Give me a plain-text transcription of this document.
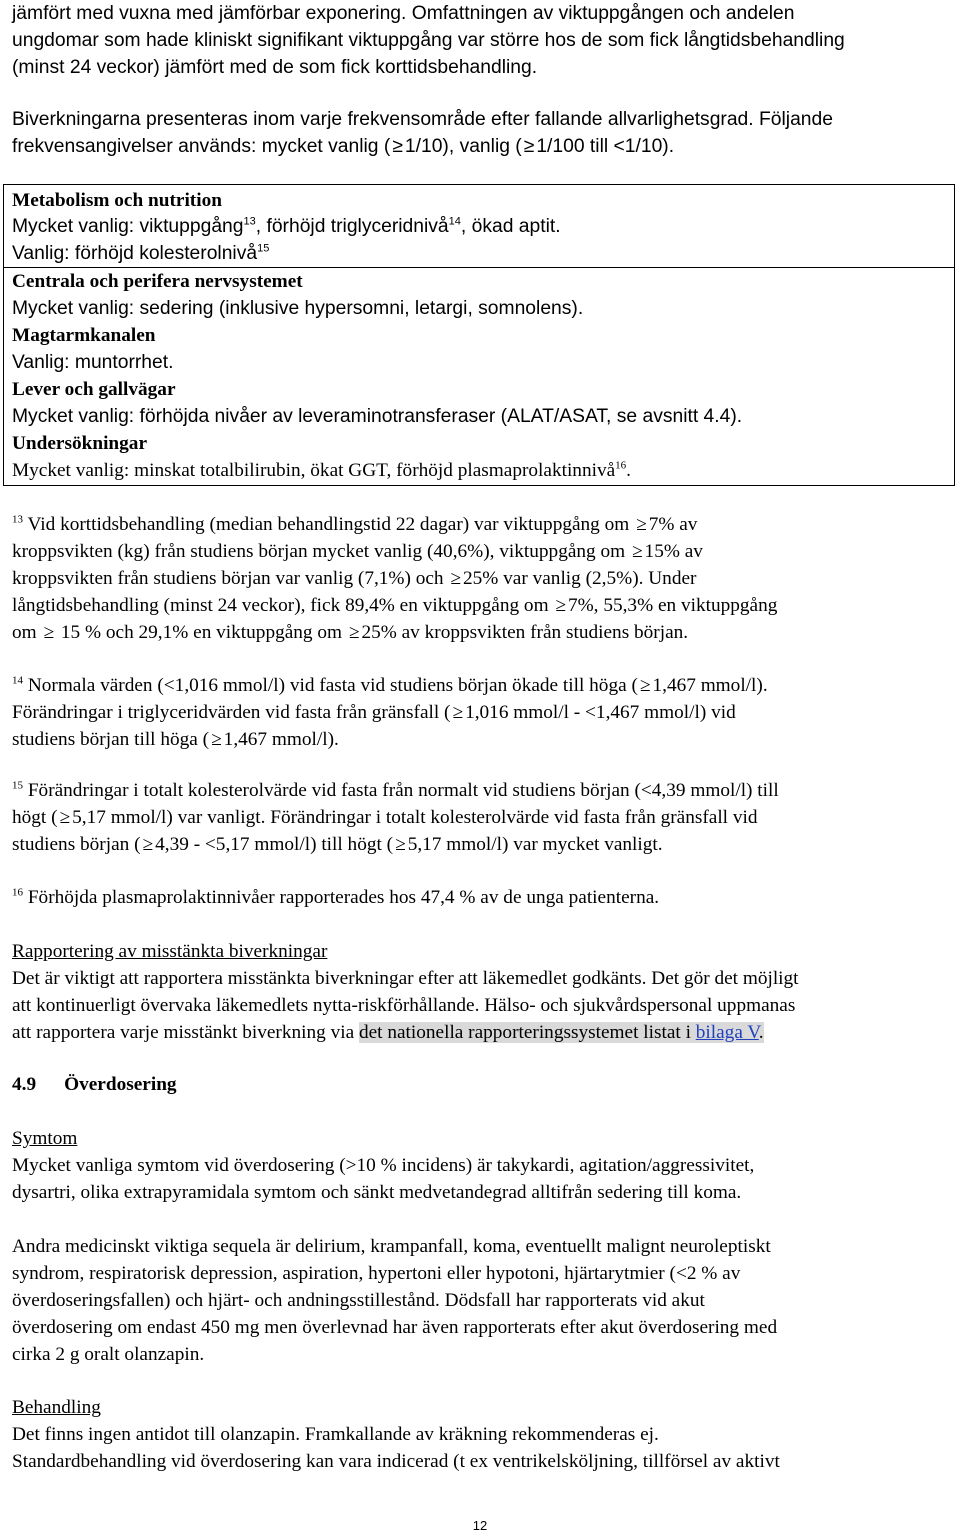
jämfört med vuxna med jämförbar exponering. Omfattningen av viktuppgången och andelen
ungdomar som hade kliniskt signifikant viktuppgång var större hos de som fick långtidsbehandling
(minst 24 veckor) jämfört med de som fick korttidsbehandling.
Biverkningarna presenteras inom varje frekvensområde efter fallande allvarlighetsgrad. Följande
frekvensangivelser används: mycket vanlig ( ≥ 1/10), vanlig ( ≥ 1/100 till <1/10).
Metabolism och nutrition
Mycket vanlig: viktuppgång$^{13}$, förhöjd triglyceridnivå$^{14}$, ökad aptit.
Vanlig: förhöjd kolesterolnivå$^{15}$
Centrala och perifera nervsystemet
Mycket vanlig: sedering (inklusive hypersomni, letargi, somnolens).
Magtarmkanalen
Vanlig: muntorrhet.
Lever och gallvägar
Mycket vanlig: förhöjda nivåer av leveraminotransferaser (ALAT/ASAT, se avsnitt 4.4).
Undersökningar
Mycket vanlig: minskat totalbilirubin, ökat GGT, förhöjd plasmaprolaktinnivå$^{16}$.
$^{13}$ Vid korttidsbehandling (median behandlingstid 22 dagar) var viktuppgång om ≥ 7% av
kroppsvikten (kg) från studiens början mycket vanlig (40,6%), viktuppgång om ≥ 15% av
kroppsvikten från studiens början var vanlig (7,1%) och ≥ 25% var vanlig (2,5%). Under
långtidsbehandling (minst 24 veckor), fick 89,4% en viktuppgång om ≥ 7%, 55,3% en viktuppgång
om ≥ 15 % och 29,1% en viktuppgång om ≥ 25% av kroppsvikten från studiens början.
$^{14}$ Normala värden (<1,016 mmol/l) vid fasta vid studiens början ökade till höga ( ≥ 1,467 mmol/l).
Förändringar i triglyceridvärden vid fasta från gränsfall ( ≥ 1,016 mmol/l - <1,467 mmol/l) vid
studiens början till höga ( ≥ 1,467 mmol/l).
$^{15}$ Förändringar i totalt kolesterolvärde vid fasta från normalt vid studiens början (<4,39 mmol/l) till
högt ( ≥ 5,17 mmol/l) var vanligt. Förändringar i totalt kolesterolvärde vid fasta från gränsfall vid
studiens början ( ≥ 4,39 - <5,17 mmol/l) till högt ( ≥ 5,17 mmol/l) var mycket vanligt.
$^{16}$ Förhöjda plasmaprolaktinnivåer rapporterades hos 47,4 % av de unga patienterna.
Rapportering av misstänkta biverkningar
Det är viktigt att rapportera misstänkta biverkningar efter att läkemedlet godkänts. Det gör det möjligt
att kontinuerligt övervaka läkemedlets nytta-riskförhållande. Hälso- och sjukvårdspersonal uppmanas
att rapportera varje misstänkt biverkning via det nationella rapporteringssystemet listat i bilaga V.
4.9 Överdosering
Symtom
Mycket vanliga symtom vid överdosering (>10 % incidens) är takykardi, agitation/aggressivitet,
dysartri, olika extrapyramidala symtom och sänkt medvetandegrad alltifrån sedering till koma.
Andra medicinskt viktiga sequela är delirium, krampanfall, koma, eventuellt malignt neuroleptiskt
syndrom, respiratorisk depression, aspiration, hypertoni eller hypotoni, hjärtarytmier (<2 % av
överdoseringsfallen) och hjärt- och andningsstillestånd. Dödsfall har rapporterats vid akut
överdosering om endast 450 mg men överlevnad har även rapporterats efter akut överdosering med
cirka 2 g oralt olanzapin.
Behandling
Det finns ingen antidot till olanzapin. Framkallande av kräkning rekommenderas ej.
Standardbehandling vid överdosering kan vara indicerad (t ex ventrikelsköljning, tillförsel av aktivt
12
